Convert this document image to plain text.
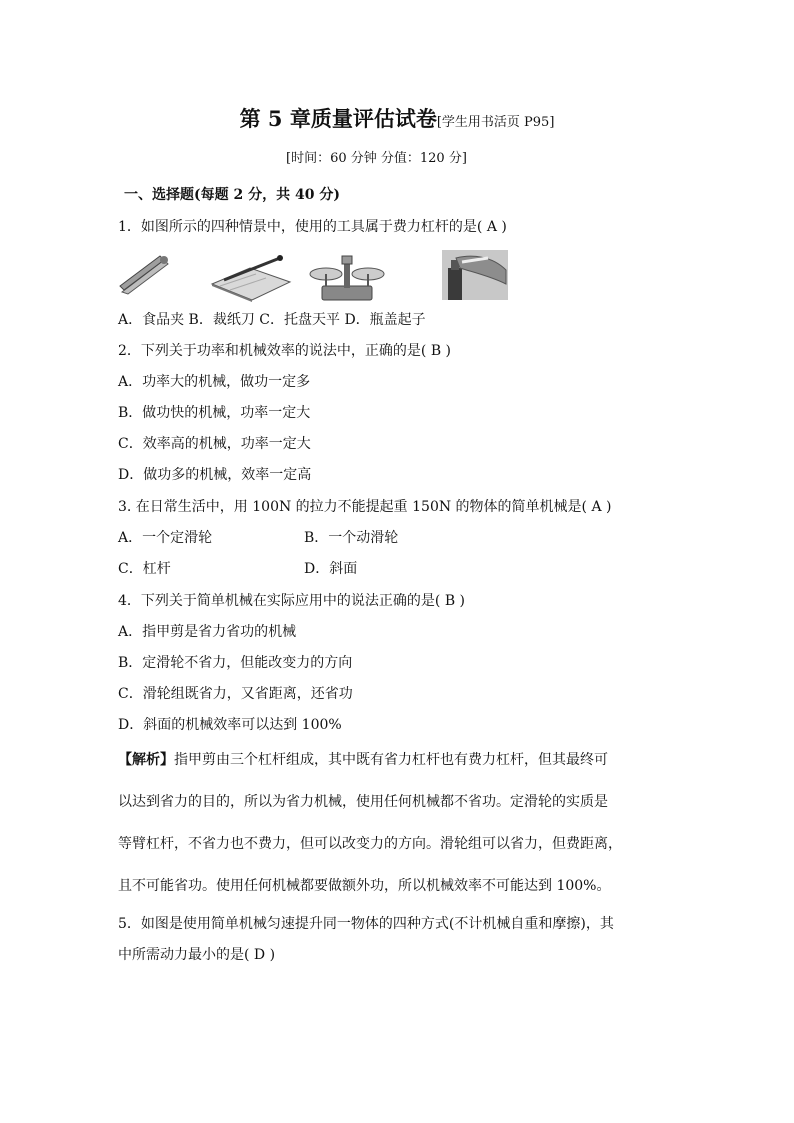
第 5 章质量评估试卷[学生用书活页 P95]
[时间：60 分钟 分值：120 分]
一、选择题(每题 2 分，共 40 分)
1．如图所示的四种情景中，使用的工具属于费力杠杆的是( A )
A．食品夹 B．裁纸刀 C．托盘天平 D．瓶盖起子
2．下列关于功率和机械效率的说法中，正确的是( B )
A．功率大的机械，做功一定多
B．做功快的机械，功率一定大
C．效率高的机械，功率一定大
D．做功多的机械，效率一定高
3. 在日常生活中，用 100N 的拉力不能提起重 150N 的物体的简单机械是( A )
A．一个定滑轮	B．一个动滑轮
C．杠杆	D．斜面
4．下列关于简单机械在实际应用中的说法正确的是( B )
A．指甲剪是省力省功的机械
B．定滑轮不省力，但能改变力的方向
C．滑轮组既省力，又省距离，还省功
D．斜面的机械效率可以达到 100%
【解析】指甲剪由三个杠杆组成，其中既有省力杠杆也有费力杠杆，但其最终可
以达到省力的目的，所以为省力机械，使用任何机械都不省功。定滑轮的实质是
等臂杠杆，不省力也不费力，但可以改变力的方向。滑轮组可以省力，但费距离，
且不可能省功。使用任何机械都要做额外功，所以机械效率不可能达到 100%。
5．如图是使用简单机械匀速提升同一物体的四种方式(不计机械自重和摩擦)，其
中所需动力最小的是( D )
